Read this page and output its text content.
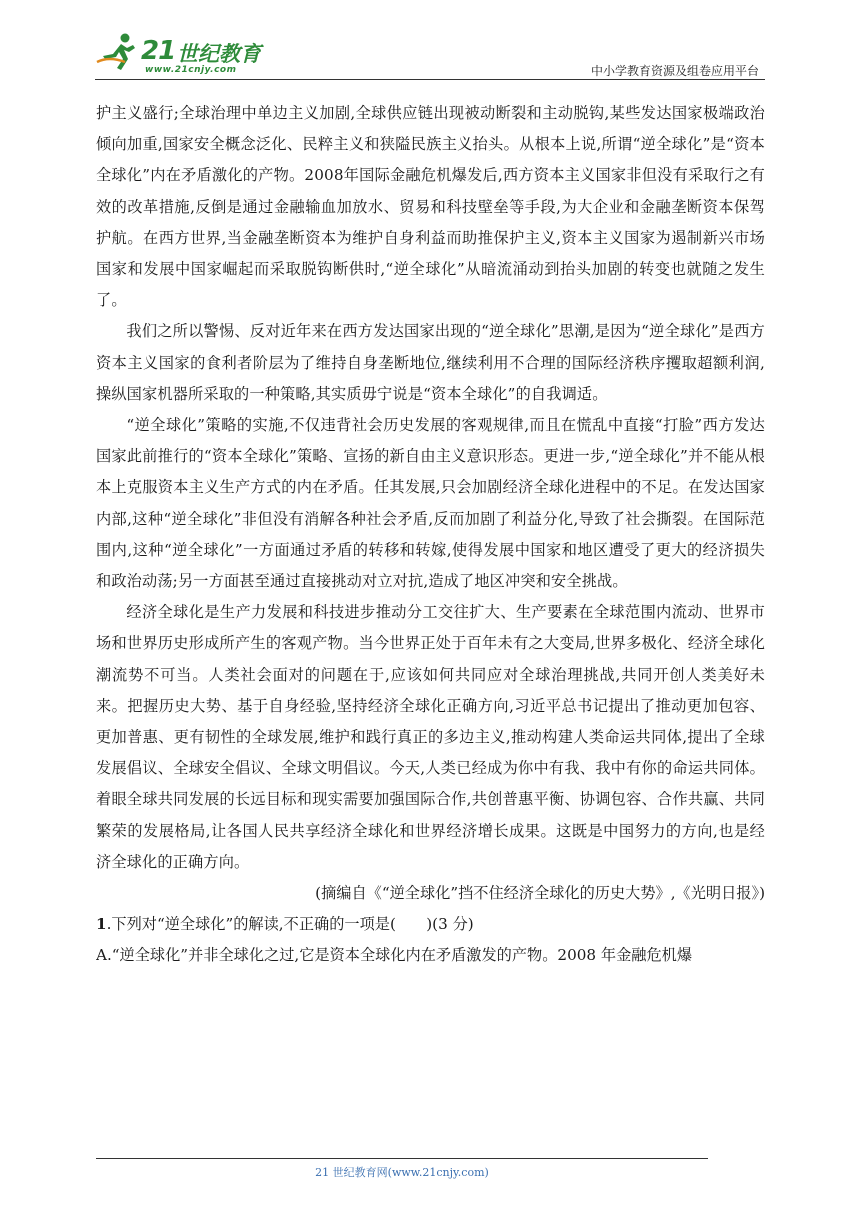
21 世纪教育
www.21cnjy.com	中小学教育资源及组卷应用平台

护主义盛行;全球治理中单边主义加剧,全球供应链出现被动断裂和主动脱钩,某些发达国家极端政治倾向加重,国家安全概念泛化、民粹主义和狭隘民族主义抬头。从根本上说,所谓“逆全球化”是“资本全球化”内在矛盾激化的产物。2008年国际金融危机爆发后,西方资本主义国家非但没有采取行之有效的改革措施,反倒是通过金融输血加放水、贸易和科技壁垒等手段,为大企业和金融垄断资本保驾护航。在西方世界,当金融垄断资本为维护自身利益而助推保护主义,资本主义国家为遏制新兴市场国家和发展中国家崛起而采取脱钩断供时,“逆全球化”从暗流涌动到抬头加剧的转变也就随之发生了。

我们之所以警惕、反对近年来在西方发达国家出现的“逆全球化”思潮,是因为“逆全球化”是西方资本主义国家的食利者阶层为了维持自身垄断地位,继续利用不合理的国际经济秩序攫取超额利润,操纵国家机器所采取的一种策略,其实质毋宁说是“资本全球化”的自我调适。

“逆全球化”策略的实施,不仅违背社会历史发展的客观规律,而且在慌乱中直接“打脸”西方发达国家此前推行的“资本全球化”策略、宣扬的新自由主义意识形态。更进一步,“逆全球化”并不能从根本上克服资本主义生产方式的内在矛盾。任其发展,只会加剧经济全球化进程中的不足。在发达国家内部,这种“逆全球化”非但没有消解各种社会矛盾,反而加剧了利益分化,导致了社会撕裂。在国际范围内,这种“逆全球化”一方面通过矛盾的转移和转嫁,使得发展中国家和地区遭受了更大的经济损失和政治动荡;另一方面甚至通过直接挑动对立对抗,造成了地区冲突和安全挑战。

经济全球化是生产力发展和科技进步推动分工交往扩大、生产要素在全球范围内流动、世界市场和世界历史形成所产生的客观产物。当今世界正处于百年未有之大变局,世界多极化、经济全球化潮流势不可当。人类社会面对的问题在于,应该如何共同应对全球治理挑战,共同开创人类美好未来。把握历史大势、基于自身经验,坚持经济全球化正确方向,习近平总书记提出了推动更加包容、更加普惠、更有韧性的全球发展,维护和践行真正的多边主义,推动构建人类命运共同体,提出了全球发展倡议、全球安全倡议、全球文明倡议。今天,人类已经成为你中有我、我中有你的命运共同体。着眼全球共同发展的长远目标和现实需要加强国际合作,共创普惠平衡、协调包容、合作共赢、共同繁荣的发展格局,让各国人民共享经济全球化和世界经济增长成果。这既是中国努力的方向,也是经济全球化的正确方向。

(摘编自《“逆全球化”挡不住经济全球化的历史大势》,《光明日报》)

1.下列对“逆全球化”的解读,不正确的一项是(　　)(3 分)

A.“逆全球化”并非全球化之过,它是资本全球化内在矛盾激发的产物。2008 年金融危机爆

21 世纪教育网(www.21cnjy.com)
